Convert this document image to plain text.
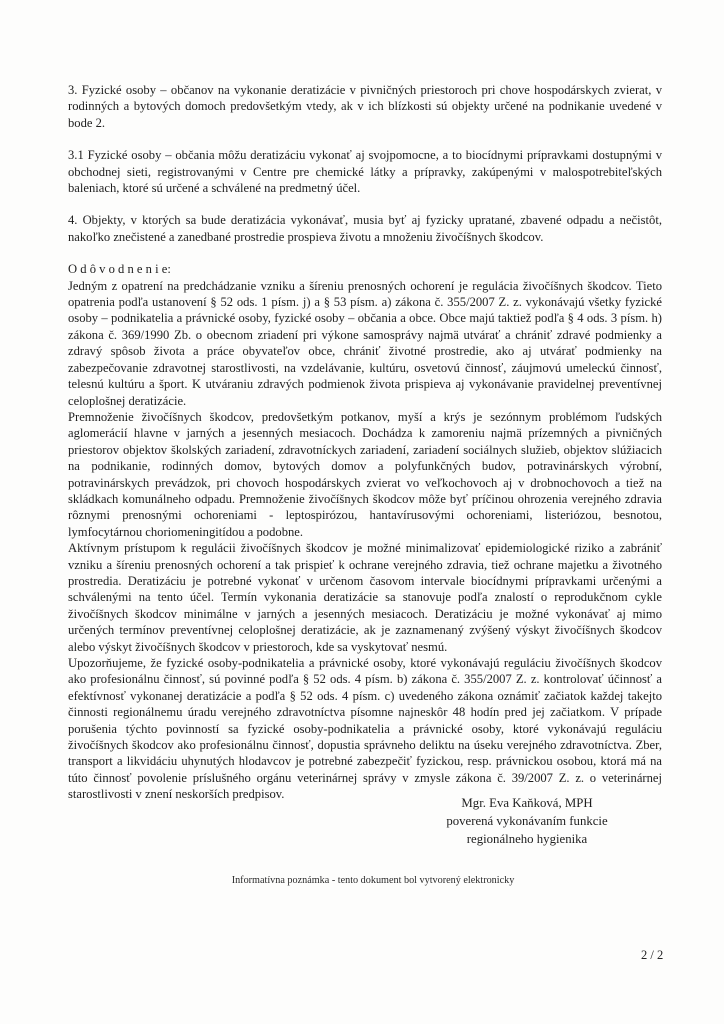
3. Fyzické osoby – občanov na vykonanie deratizácie v pivničných priestoroch pri chove hospodárskych zvierat, v rodinných a bytových domoch predovšetkým vtedy, ak v ich blízkosti sú objekty určené na podnikanie uvedené v bode 2.

3.1 Fyzické osoby – občania môžu deratizáciu vykonať aj svojpomocne, a to biocídnymi prípravkami dostupnými v obchodnej sieti, registrovanými v Centre pre chemické látky a prípravky, zakúpenými v malospotrebiteľských baleniach, ktoré sú určené a schválené na predmetný účel.

4. Objekty, v ktorých sa bude deratizácia vykonávať, musia byť aj fyzicky upratané, zbavené odpadu a nečistôt, nakoľko znečistené a zanedbané prostredie prospieva životu a množeniu živočíšnych škodcov.

O d ô v o d n e n i e:

Jedným z opatrení na predchádzanie vzniku a šíreniu prenosných ochorení je regulácia živočíšnych škodcov. Tieto opatrenia podľa ustanovení § 52 ods. 1 písm. j) a § 53 písm. a) zákona č. 355/2007 Z. z. vykonávajú všetky fyzické osoby – podnikatelia a právnické osoby, fyzické osoby – občania a obce. Obce majú taktiež podľa § 4 ods. 3 písm. h) zákona č. 369/1990 Zb. o obecnom zriadení pri výkone samosprávy najmä utvárať a chrániť zdravé podmienky a zdravý spôsob života a práce obyvateľov obce, chrániť životné prostredie, ako aj utvárať podmienky na zabezpečovanie zdravotnej starostlivosti, na vzdelávanie, kultúru, osvetovú činnosť, záujmovú umeleckú činnosť, telesnú kultúru a šport. K utváraniu zdravých podmienok života prispieva aj vykonávanie pravidelnej preventívnej celoplošnej deratizácie.

Premnoženie živočíšnych škodcov, predovšetkým potkanov, myší a krýs je sezónnym problémom ľudských aglomerácií hlavne v jarných a jesenných mesiacoch. Dochádza k zamoreniu najmä prízemných a pivničných priestorov objektov školských zariadení, zdravotníckych zariadení, zariadení sociálnych služieb, objektov slúžiacich na podnikanie, rodinných domov, bytových domov a polyfunkčných budov, potravinárskych výrobní, potravinárskych prevádzok, pri chovoch hospodárskych zvierat vo veľkochovoch aj v drobnochovoch a tiež na skládkach komunálneho odpadu. Premnoženie živočíšnych škodcov môže byť príčinou ohrozenia verejného zdravia rôznymi prenosnými ochoreniami - leptospirózou, hantavírusovými ochoreniami, listeriózou, besnotou, lymfocytárnou choriomeningitídou a podobne.

Aktívnym prístupom k regulácii živočíšnych škodcov je možné minimalizovať epidemiologické riziko a zabrániť vzniku a šíreniu prenosných ochorení a tak prispieť k ochrane verejného zdravia, tiež ochrane majetku a životného prostredia. Deratizáciu je potrebné vykonať v určenom časovom intervale biocídnymi prípravkami určenými a schválenými na tento účel. Termín vykonania deratizácie sa stanovuje podľa znalostí o reprodukčnom cykle živočíšnych škodcov minimálne v jarných a jesenných mesiacoch. Deratizáciu je možné vykonávať aj mimo určených termínov preventívnej celoplošnej deratizácie, ak je zaznamenaný zvýšený výskyt živočíšnych škodcov alebo výskyt živočíšnych škodcov v priestoroch, kde sa vyskytovať nesmú.

Upozorňujeme, že fyzické osoby-podnikatelia a právnické osoby, ktoré vykonávajú reguláciu živočíšnych škodcov ako profesionálnu činnosť, sú povinné podľa § 52 ods. 4 písm. b) zákona č. 355/2007 Z. z. kontrolovať účinnosť a efektívnosť vykonanej deratizácie a podľa § 52 ods. 4 písm. c) uvedeného zákona oznámiť začiatok každej takejto činnosti regionálnemu úradu verejného zdravotníctva písomne najneskôr 48 hodín pred jej začiatkom. V prípade porušenia týchto povinností sa fyzické osoby-podnikatelia a právnické osoby, ktoré vykonávajú reguláciu živočíšnych škodcov ako profesionálnu činnosť, dopustia správneho deliktu na úseku verejného zdravotníctva. Zber, transport a likvidáciu uhynutých hlodavcov je potrebné zabezpečiť fyzickou, resp. právnickou osobou, ktorá má na túto činnosť povolenie príslušného orgánu veterinárnej správy v zmysle zákona č. 39/2007 Z. z. o veterinárnej starostlivosti v znení neskorších predpisov.

Mgr. Eva Kaňková, MPH
poverená vykonávaním funkcie
regionálneho hygienika
Informatívna poznámka - tento dokument bol vytvorený elektronicky
2 / 2
